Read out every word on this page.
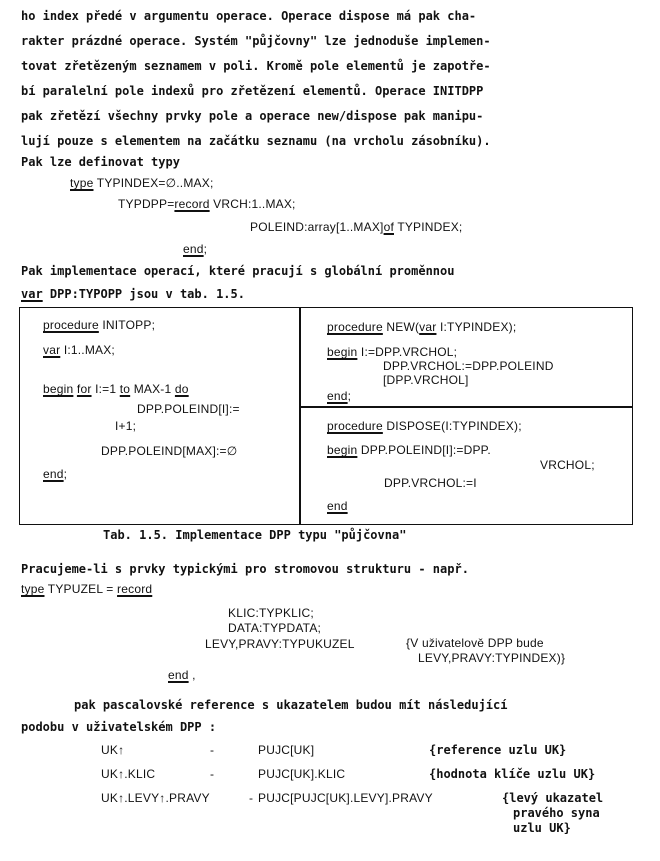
ho index předé v argumentu operace. Operace dispose má pak cha-
rakter prázdné operace. Systém "půjčovny" lze jednoduše implemen-
tovat zřetězeným seznamem v poli. Kromě pole elementů je zapotře-
bí paralelní pole indexů pro zřetězení elementů. Operace INITDPP
pak zřetězí všechny prvky pole a operace new/dispose pak manipu-
lují pouze s elementem na začátku seznamu (na vrcholu zásobníku).
Pak lze definovat typy
type TYPINDEX=∅..MAX;
TYPDPP=record VRCH:1..MAX;
POLEIND:array[1..MAX]of TYPINDEX;
end;
Pak implementace operací, které pracují s globální proměnnou
var DPP:TYPOPP jsou v tab. 1.5.
procedure INITOPP;
var I:1..MAX;
begin for I:=1 to MAX-1 do
DPP.POLEIND[I]:=
I+1;
DPP.POLEIND[MAX]:=∅
end;
procedure NEW(var I:TYPINDEX);
begin I:=DPP.VRCHOL;
DPP.VRCHOL:=DPP.POLEIND
[DPP.VRCHOL]
end;
procedure DISPOSE(I:TYPINDEX);
begin DPP.POLEIND[I]:=DPP.
VRCHOL;
DPP.VRCHOL:=I
end
Tab. 1.5. Implementace DPP typu "půjčovna"
Pracujeme-li s prvky typickými pro stromovou strukturu - např.
type TYPUZEL = record
KLIC:TYPKLIC;
DATA:TYPDATA;
LEVY,PRAVY:TYPUKUZEL	{V uživatelově DPP bude
LEVY,PRAVY:TYPINDEX)}
end ,
pak pascalovské reference s ukazatelem budou mít následující
podobu v uživatelském DPP :
UK↑	-	PUJC[UK]	{reference uzlu UK}
UK↑.KLIC	-	PUJC[UK].KLIC	{hodnota klíče uzlu UK}
UK↑.LEVY↑.PRAVY	- PUJC[PUJC[UK].LEVY].PRAVY	{levý ukazatel
pravého syna
uzlu UK}
